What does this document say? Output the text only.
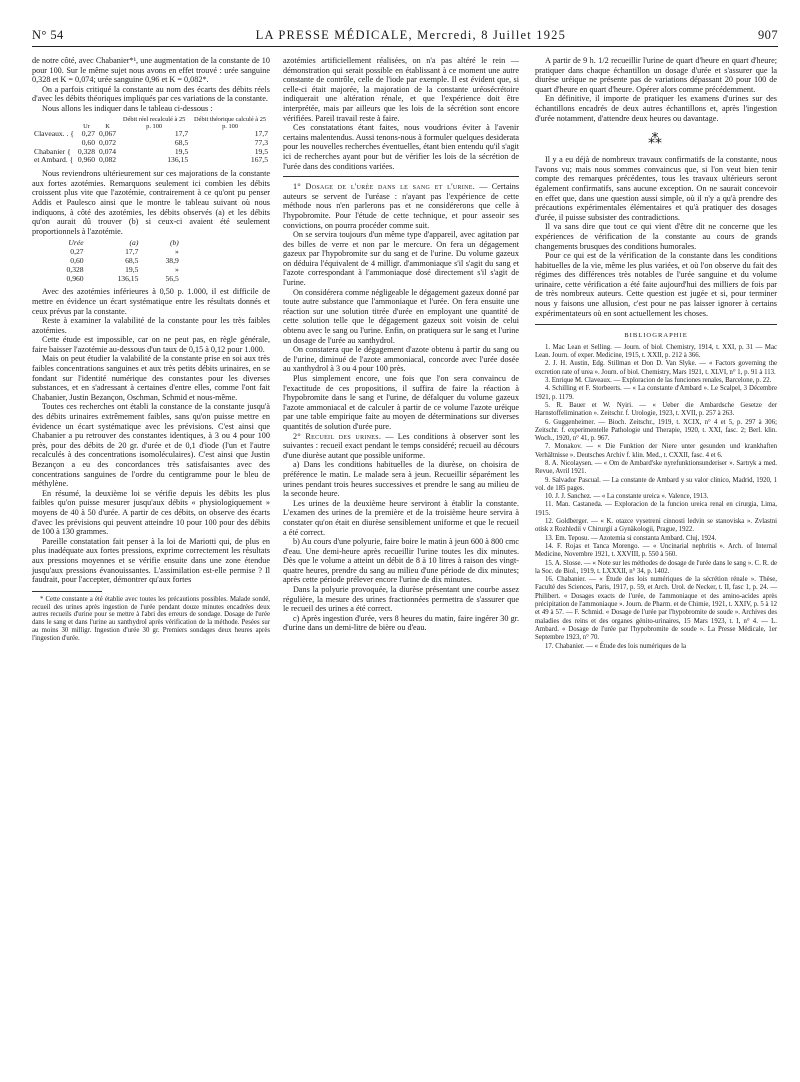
N° 54	LA PRESSE MÉDICALE, Mercredi, 8 Juillet 1925	907

de notre côté, avec Chabanier*¹, une augmentation de la constante de 10 pour 100. Sur le même sujet nous avons en effet trouvé : urée sanguine 0,328 et K = 0,074; urée sanguine 0,96 et K = 0,082*.

On a parfois critiqué la constante au nom des écarts des débits réels d'avec les débits théoriques impliqués par ces variations de la constante.

Nous allons les indiquer dans le tableau ci-dessous :

	Ur	K	Débit réel recalculé à 25 p. 100	Débit théorique calculé à 25 p. 100
Claveaux. . {	0,27	0,067	17,7	17,7
	0,60	0,072	68,5	77,3
Chabanier {	0,328	0,074	19,5	19,5
et Ambard. {	0,960	0,082	136,15	167,5

Nous reviendrons ultérieurement sur ces majorations de la constante aux fortes azotémies. Remarquons seulement ici combien les débits croissent plus vite que l'azotémie, contrairement à ce qu'ont pu penser Addis et Paulesco ainsi que le montre le tableau suivant où nous indiquons, à côté des azotémies, les débits observés (a) et les débits qu'on aurait dû trouver (b) si ceux-ci avaient été seulement proportionnels à l'azotémie.

Urée	(a)	(b)
0,27	17,7	»
0,60	68,5	38,9
0,328	19,5	»
0,960	136,15	56,5

Avec des azotémies inférieures à 0,50 p. 1.000, il est difficile de mettre en évidence un écart systématique entre les résultats donnés et ceux prévus par la constante.

Reste à examiner la valabilité de la constante pour les très faibles azotémies.

Cette étude est impossible, car on ne peut pas, en règle générale, faire baisser l'azotémie au-dessous d'un taux de 0,15 à 0,12 pour 1.000.

Mais on peut étudier la valabilité de la constante prise en soi aux très faibles concentrations sanguines et aux très petits débits urinaires, en se fondant sur l'identité numérique des constantes pour les diverses substances, et en s'adressant à certaines d'entre elles, comme l'ont fait Chabanier, Justin Bezançon, Oschman, Schmid et nous-même.

Toutes ces recherches ont établi la constance de la constante jusqu'à des débits urinaires extrêmement faibles, sans qu'on puisse mettre en évidence un écart systématique avec les prévisions. C'est ainsi que Chabanier a pu retrouver des constantes identiques, à 3 ou 4 pour 100 près, pour des débits de 20 gr. d'urée et de 0,1 d'iode (l'un et l'autre recalculés à des concentrations isomoléculaires). C'est ainsi que Justin Bezançon a eu des concordances très satisfaisantes avec des concentrations sanguines de l'ordre du centigramme pour le bleu de méthylène.

En résumé, la deuxième loi se vérifie depuis les débits les plus faibles qu'on puisse mesurer jusqu'aux débits « physiologiquement » moyens de 40 à 50 d'urée. A partir de ces débits, on observe des écarts d'avec les prévisions qui peuvent atteindre 10 pour 100 pour des débits de 100 à 130 grammes.

Pareille constatation fait penser à la loi de Mariotti qui, de plus en plus inadéquate aux fortes pressions, exprime correctement les résultats aux pressions moyennes et se vérifie ensuite dans une zone étendue jusqu'aux pressions évanouissantes. L'assimilation est-elle permise ? Il faudrait, pour l'accepter, démontrer qu'aux fortes

* Cette constante a été établie avec toutes les précautions possibles. Malade sondé, recueil des urines après ingestion de l'urée pendant douze minutes encadrées deux autres recueils d'urine pour se mettre à l'abri des erreurs de sondage. Dosage de l'urée dans le sang et dans l'urine au xanthydrol après vérification de la méthode. Pesées sur au moins 30 milligr. Ingestion d'urée 30 gr. Premiers sondages deux heures après l'ingestion d'urée.

azotémies artificiellement réalisées, on n'a pas altéré le rein — démonstration qui serait possible en établissant à ce moment une autre constante de contrôle, celle de l'iode par exemple. Il est évident que, si celle-ci était majorée, la majoration de la constante uréosécrétoire indiquerait une altération rénale, et que l'expérience doit être interprétée, mais par ailleurs que les lois de la sécrétion sont encore vérifiées. Pareil travail reste à faire.

Ces constatations étant faites, nous voudrions éviter à l'avenir certains malentendus. Aussi tenons-nous à formuler quelques desiderata pour les nouvelles recherches éventuelles, étant bien entendu qu'il s'agit ici de recherches ayant pour but de vérifier les lois de la sécrétion de l'urée dans des conditions variées.

1° Dosage de l'urée dans le sang et l'urine. — Certains auteurs se servent de l'uréase : n'ayant pas l'expérience de cette méthode nous n'en parlerons pas et ne considérerons que celle à l'hypobromite. Pour l'étude de cette technique, et pour asseoir ses convictions, on pourra procéder comme suit.

On se servira toujours d'un même type d'appareil, avec agitation par des billes de verre et non par le mercure. On fera un dégagement gazeux par l'hypobromite sur du sang et de l'urine. Du volume gazeux on déduira l'équivalent de 4 milligr. d'ammoniaque s'il s'agit du sang et l'azote correspondant à l'ammoniaque dosé directement s'il s'agit de l'urine.

On considérera comme négligeable le dégagement gazeux donné par toute autre substance que l'ammoniaque et l'urée. On fera ensuite une réaction sur une solution titrée d'urée en employant une quantité de cette solution telle que le dégagement gazeux soit voisin de celui obtenu avec le sang ou l'urine. Enfin, on pratiquera sur le sang et l'urine un dosage de l'urée au xanthydrol.

On constatera que le dégagement d'azote obtenu à partir du sang ou de l'urine, diminué de l'azote ammoniacal, concorde avec l'urée dosée au xanthydrol à 3 ou 4 pour 100 près.

Plus simplement encore, une fois que l'on sera convaincu de l'exactitude de ces propositions, il suffira de faire la réaction à l'hypobromite dans le sang et l'urine, de défalquer du volume gazeux l'azote ammoniacal et de calculer à partir de ce volume l'azote uréique par une table empirique faite au moyen de déterminations sur diverses quantités de solution d'urée pure.

2° Recueil des urines. — Les conditions à observer sont les suivantes : recueil exact pendant le temps considéré; recueil au décours d'une diurèse autant que possible uniforme.

a) Dans les conditions habituelles de la diurèse, on choisira de préférence le matin. Le malade sera à jeun. Recueillir séparément les urines pendant trois heures successives et prendre le sang au milieu de la seconde heure.

Les urines de la deuxième heure serviront à établir la constante. L'examen des urines de la première et de la troisième heure servira à constater qu'on était en diurèse sensiblement uniforme et que le recueil a été correct.

b) Au cours d'une polyurie, faire boire le matin à jeun 600 à 800 cmc d'eau. Une demi-heure après recueillir l'urine toutes les dix minutes. Dès que le volume a atteint un débit de 8 à 10 litres à raison des vingt-quatre heures, prendre du sang au milieu d'une période de dix minutes; après cette période prélever encore l'urine de dix minutes.

Dans la polyurie provoquée, la diurèse présentant une courbe assez régulière, la mesure des urines fractionnées permettra de s'assurer que le recueil des urines a été correct.

c) Après ingestion d'urée, vers 8 heures du matin, faire ingérer 30 gr. d'urine dans un demi-litre de bière ou d'eau.

A partir de 9 h. 1/2 recueillir l'urine de quart d'heure en quart d'heure; pratiquer dans chaque échantillon un dosage d'urée et s'assurer que la diurèse uréique ne présente pas de variations dépassant 20 pour 100 de quart d'heure en quart d'heure. Opérer alors comme précédemment.

En définitive, il importe de pratiquer les examens d'urines sur des échantillons encadrés de deux autres échantillons et, après l'ingestion d'urée notamment, d'attendre deux heures ou davantage.

⁂

Il y a eu déjà de nombreux travaux confirmatifs de la constante, nous l'avons vu; mais nous sommes convaincus que, si l'on veut bien tenir compte des remarques précédentes, tous les travaux ultérieurs seront également confirmatifs, sans aucune exception. On ne saurait concevoir en effet que, dans une question aussi simple, où il n'y a qu'à prendre des précautions expérimentales élémentaires et qu'à pratiquer des dosages d'urée, il puisse subsister des contradictions.

Il va sans dire que tout ce qui vient d'être dit ne concerne que les expériences de vérification de la constante au cours de grands changements brusques des conditions humorales.

Pour ce qui est de la vérification de la constante dans les conditions habituelles de la vie, même les plus variées, et où l'on observe du fait des régimes des différences très notables de l'urée sanguine et du volume urinaire, cette vérification a été faite aujourd'hui des milliers de fois par de très nombreux auteurs. Cette question est jugée et si, pour terminer nous y faisons une allusion, c'est pour ne pas laisser ignorer à certains expérimentateurs où en sont actuellement les choses.

BIBLIOGRAPHIE

1. Mac Lean et Selling. — Journ. of biol. Chemistry, 1914, t. XXI, p. 31 — Mac Lean. Journ. of exper. Medicine, 1915, t. XXII, p. 212 à 366.

2. J. H. Austin, Edg. Stillman et Don D. Van Slyke. — « Factors governing the excretion rate of urea ». Journ. of biol. Chemistry, Mars 1921, t. XLVI, n° 1, p. 91 à 113.

3. Enrique M. Claveaux. — Exploracion de las funciones renales, Barcelone, p. 22.

4. Schilling et F. Storbeerts. — « La constante d'Ambard ». Le Scalpel, 3 Décembre 1921, p. 1179.

5. R. Bauer et W. Nyiri. — « Ueber die Ambardsche Gesetze der Harnstoffelimination ». Zeitschr. f. Urologie, 1923, t. XVII, p. 257 à 263.

6. Guggenheimer. — Bioch. Zeitschr., 1919, t. XCIX, n° 4 et 5, p. 297 à 306; Zeitschr. f. experimentelle Pathologie und Therapie, 1920, t. XXI, fasc. 2; Berl. klin. Woch., 1920, n° 41, p. 967.

7. Monakov. — « Die Funktion der Niere unter gesunden und krankhaften Verhältnisse ». Deutsches Archiv f. klin. Med., t. CXXII, fasc. 4 et 6.

8. A. Nicolaysen. — « Om de Ambard'ske nyrefunktionsunderiser ». Sartryk a med. Revue, Avril 1921.

9. Salvador Pascual. — La constante de Ambard y su valor clinico, Madrid, 1920, 1 vol. de 185 pages.

10. J. J. Sanchez. — « La constante ureica ». Valence, 1913.

11. Man. Castaneda. — Exploracion de la funcion ureica renal en cirurgia, Lima, 1915.

12. Goldberger. — « K. otazce vysetreni cinnosti ledvin se stanoviska ». Zvlastni otisk z Rozhledii v Chirurgii a Gynäkologii, Prague, 1922.

13. Em. Teposu. — Azotemia si constanta Ambard. Cluj, 1924.

14. F. Rojas et Tanca Morengo. — « Uncinarial nephritis ». Arch. of Internal Medicine, Novembre 1921, t. XXVIII, p. 550 à 560.

15. A. Slosse. — « Note sur les méthodes de dosage de l'urée dans le sang ». C. R. de la Soc. de Biol., 1919, t. LXXXII, n° 34, p. 1402.

16. Chabanier. — « Étude des lois numériques de la sécrétion rénale ». Thèse, Faculté des Sciences, Paris, 1917, p. 59, et Arch. Urol. de Necker, t. II, fasc 1, p. 24. — Philibert. « Dosages exacts de l'urée, de l'ammoniaque et des amino-acides après précipitation de l'ammoniaque ». Journ. de Pharm. et de Chimie, 1921, t. XXIV, p. 5 à 12 et 49 à 57. — F. Schmid. « Dosage de l'urée par l'hypobromite de soude ». Archives des maladies des reins et des organes génito-urinaires, 15 Mars 1923, t. I, n° 4. — L. Ambard. « Dosage de l'urée par l'hypobromite de soude ». La Presse Médicale, 1er Septembre 1923, n° 70.

17. Chabanier. — « Étude des lois numériques de la
